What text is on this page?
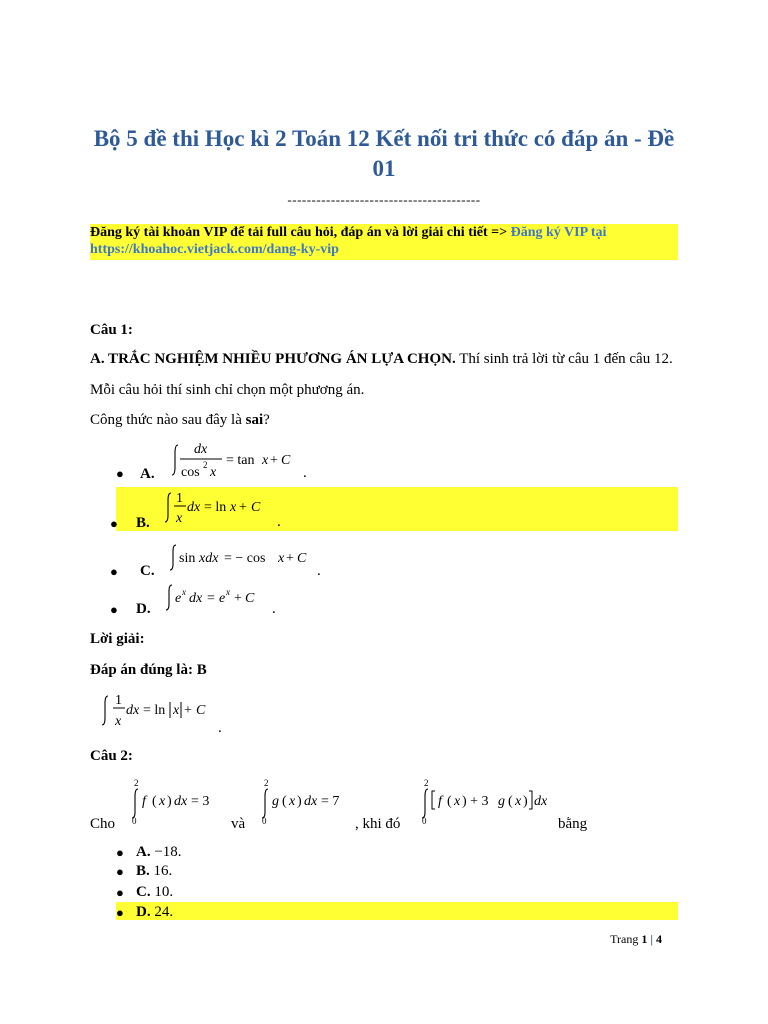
Bộ 5 đề thi Học kì 2 Toán 12 Kết nối tri thức có đáp án - Đề
01
----------------------------------------
Đăng ký tài khoản VIP để tải full câu hỏi, đáp án và lời giải chi tiết => Đăng ký VIP tại
https://khoahoc.vietjack.com/dang-ky-vip
Câu 1:
A. TRẮC NGHIỆM NHIỀU PHƯƠNG ÁN LỰA CHỌN. Thí sinh trả lời từ câu 1 đến câu 12.
Mỗi câu hỏi thí sinh chỉ chọn một phương án.
Công thức nào sau đây là sai?
● A.
dx
cos 2 x
= tan x + C
.
● B.
1
x
dx = ln x + C
.
● C.
sin xdx = − cos x + C
.
● D.
e x dx = e x + C
.
Lời giải:
Đáp án đúng là: B
1
x
dx = ln x + C
.
Câu 2:
Cho
2
0
f ( x ) dx = 3
và
2
0
g ( x ) dx = 7
, khi đó
2
0
f ( x ) + 3 g ( x ) dx
bằng
● A. −18.
● B. 16.
● C. 10.
● D. 24.
Trang 1 | 4
